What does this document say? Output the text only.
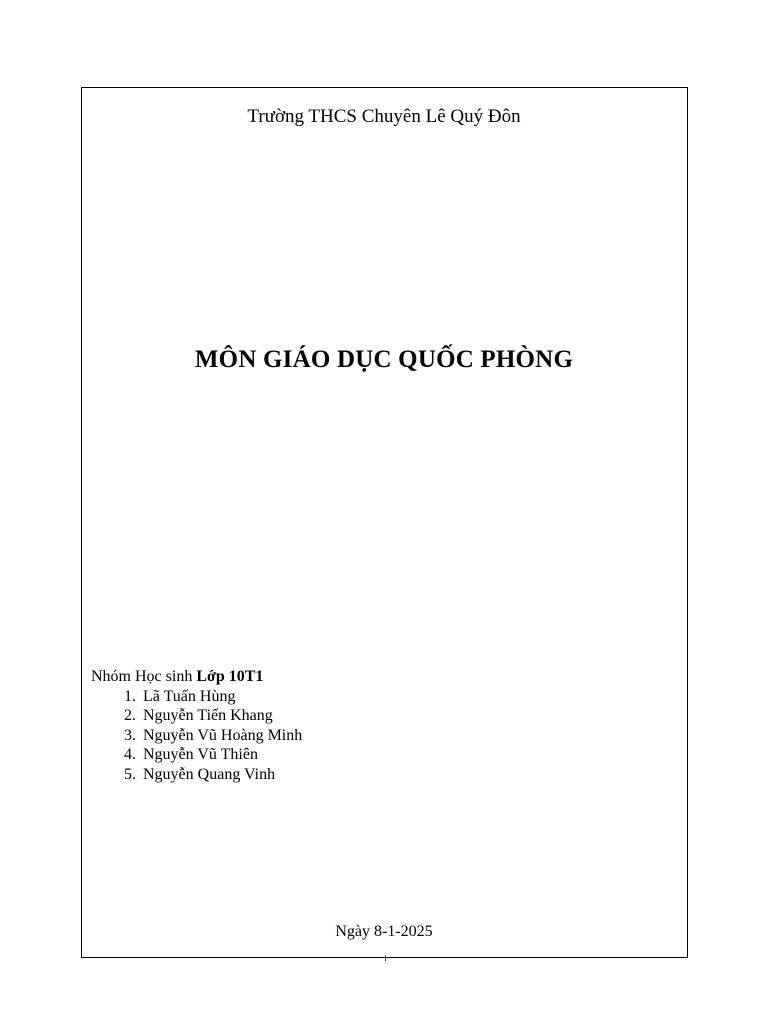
Trường THCS Chuyên Lê Quý Đôn
MÔN GIÁO DỤC QUỐC PHÒNG
Nhóm Học sinh Lớp 10T1
1. Lã Tuấn Hùng
2. Nguyễn Tiến Khang
3. Nguyễn Vũ Hoàng Minh
4. Nguyễn Vũ Thiên
5. Nguyễn Quang Vinh
Ngày 8-1-2025
